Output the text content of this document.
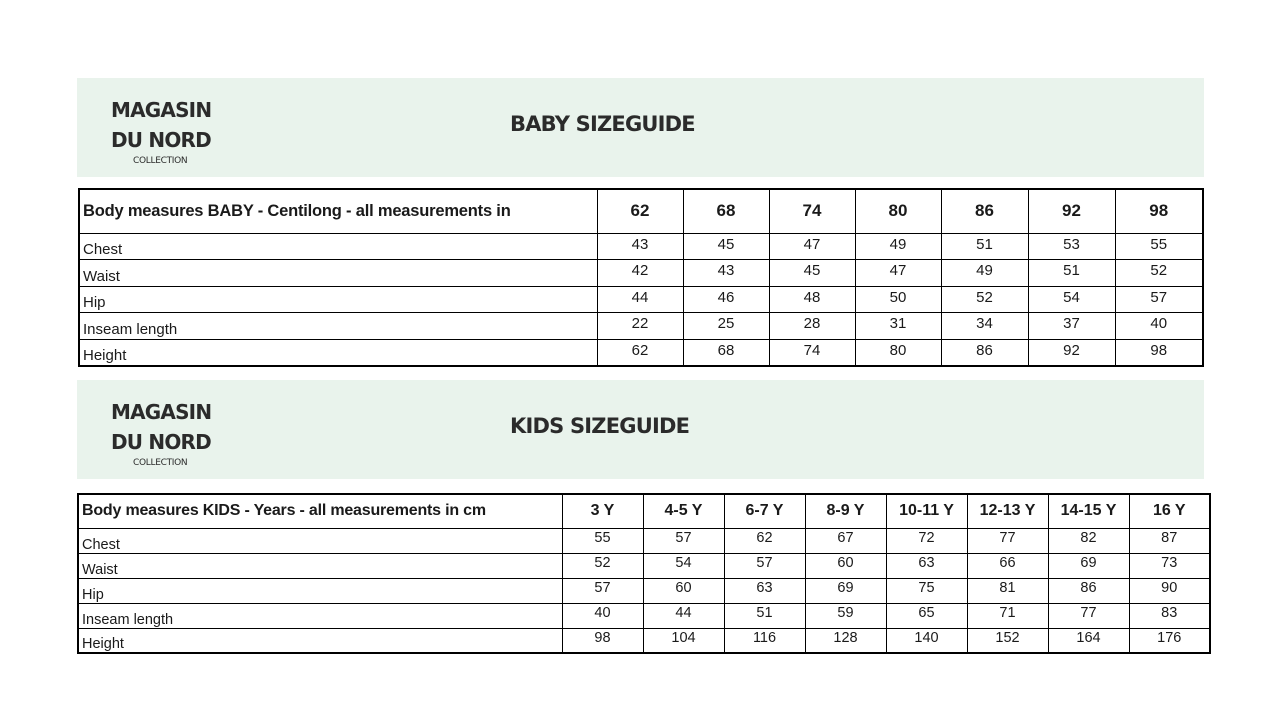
MAGASIN
DU NORD
COLLECTION
BABY SIZEGUIDE
Body measures BABY - Centilong - all measurements in	62	68	74	80	86	92	98
Chest	43	45	47	49	51	53	55
Waist	42	43	45	47	49	51	52
Hip	44	46	48	50	52	54	57
Inseam length	22	25	28	31	34	37	40
Height	62	68	74	80	86	92	98
MAGASIN
DU NORD
COLLECTION
KIDS SIZEGUIDE
Body measures KIDS - Years - all measurements in cm	3 Y	4-5 Y	6-7 Y	8-9 Y	10-11 Y	12-13 Y	14-15 Y	16 Y
Chest	55	57	62	67	72	77	82	87
Waist	52	54	57	60	63	66	69	73
Hip	57	60	63	69	75	81	86	90
Inseam length	40	44	51	59	65	71	77	83
Height	98	104	116	128	140	152	164	176
